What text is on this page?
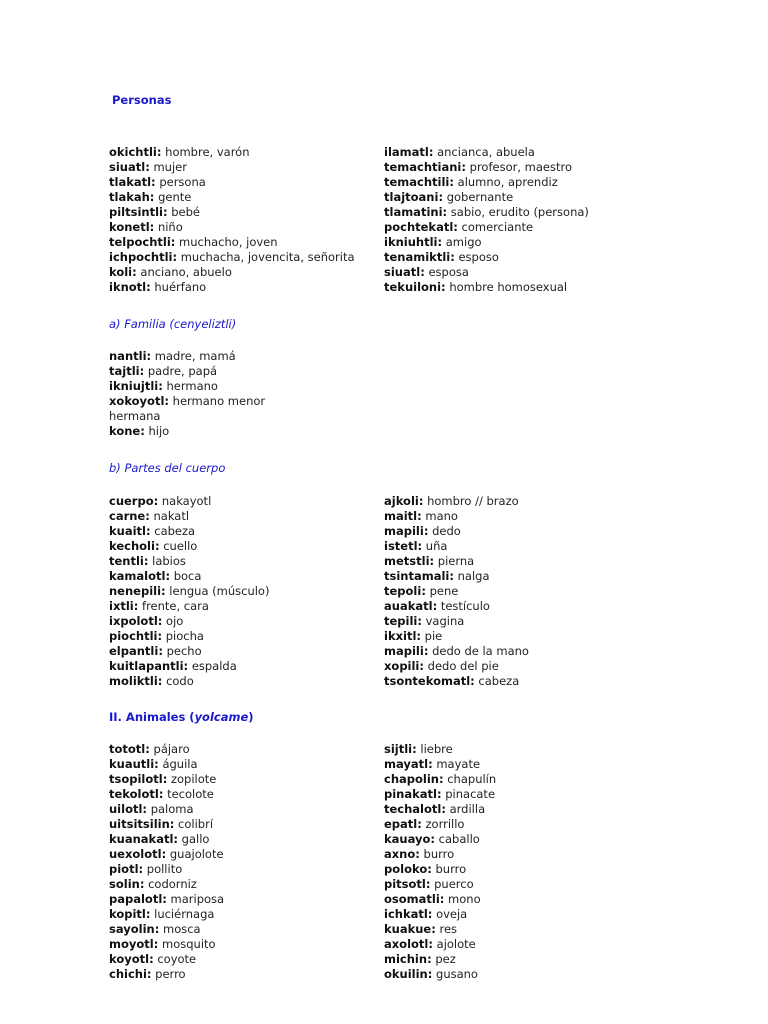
Personas
okichtli: hombre, varón
siuatl: mujer
tlakatl: persona
tlakah: gente
piltsintli: bebé
konetl: niño
telpochtli: muchacho, joven
ichpochtli: muchacha, jovencita, señorita
koli: anciano, abuelo
iknotl: huérfano
ilamatl: ancianca, abuela
temachtiani: profesor, maestro
temachtili: alumno, aprendiz
tlajtoani: gobernante
tlamatini: sabio, erudito (persona)
pochtekatl: comerciante
ikniuhtli: amigo
tenamiktli: esposo
siuatl: esposa
tekuiloni: hombre homosexual
a) Familia (cenyeliztli)
nantli: madre, mamá
tajtli: padre, papá
ikniujtli: hermano
xokoyotl: hermano menor
hermana
kone: hijo
b) Partes del cuerpo
cuerpo: nakayotl
carne: nakatl
kuaitl: cabeza
kecholi: cuello
tentli: labios
kamalotl: boca
nenepili: lengua (músculo)
ixtli: frente, cara
ixpolotl: ojo
piochtli: piocha
elpantli: pecho
kuitlapantli: espalda
moliktli: codo
ajkoli: hombro // brazo
maitl: mano
mapili: dedo
istetl: uña
metstli: pierna
tsintamali: nalga
tepoli: pene
auakatl: testículo
tepili: vagina
ikxitl: pie
mapili: dedo de la mano
xopili: dedo del pie
tsontekomatl: cabeza
II. Animales (yolcame)
tototl: pájaro
kuautli: águila
tsopilotl: zopilote
tekolotl: tecolote
uilotl: paloma
uitsitsilin: colibrí
kuanakatl: gallo
uexolotl: guajolote
piotl: pollito
solin: codorniz
papalotl: mariposa
kopitl: luciérnaga
sayolin: mosca
moyotl: mosquito
koyotl: coyote
chichi: perro
sijtli: liebre
mayatl: mayate
chapolin: chapulín
pinakatl: pinacate
techalotl: ardilla
epatl: zorrillo
kauayo: caballo
axno: burro
poloko: burro
pitsotl: puerco
osomatli: mono
ichkatl: oveja
kuakue: res
axolotl: ajolote
michin: pez
okuilin: gusano
